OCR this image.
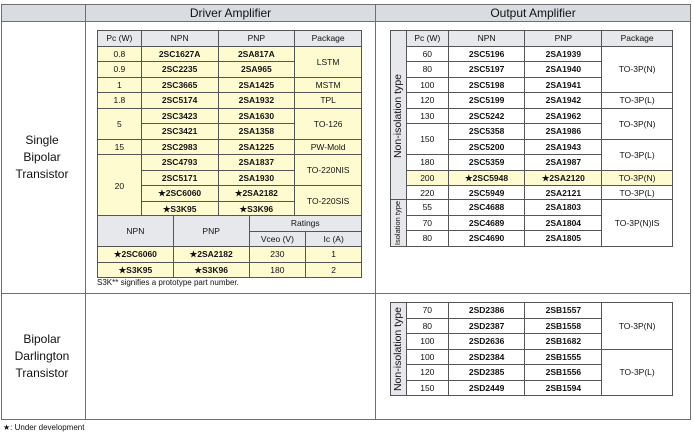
Driver Amplifier	Output Amplifier
Single
Bipolar
Transistor
Bipolar
Darlington
Transistor
Pc (W)	NPN	PNP	Package
0.8	2SC1627A	2SA817A	LSTM
0.9	2SC2235	2SA965	
1	2SC3665	2SA1425	MSTM
1.8	2SC5174	2SA1932	TPL
5	2SC3423	2SA1630	TO-126
	2SC3421	2SA1358	
15	2SC2983	2SA1225	PW-Mold
20	2SC4793	2SA1837	TO-220NIS
	2SC5171	2SA1930	
	★2SC6060	★2SA2182	TO-220SIS
	★S3K95	★S3K96	
NPN	PNP	Ratings	
		Vceo (V)	Ic (A)
★2SC6060	★2SA2182	230	1
★S3K95	★S3K96	180	2
S3K** signifies a prototype part number.
Non-isolation type	Pc (W)	NPN	PNP	Package
	60	2SC5196	2SA1939	TO-3P(N)
	80	2SC5197	2SA1940	
	100	2SC5198	2SA1941	
	120	2SC5199	2SA1942	TO-3P(L)
	130	2SC5242	2SA1962	TO-3P(N)
	150	2SC5358	2SA1986	
		2SC5200	2SA1943	TO-3P(L)
	180	2SC5359	2SA1987	
	200	★2SC5948	★2SA2120	TO-3P(N)
	220	2SC5949	2SA2121	TO-3P(L)
Isolation type	55	2SC4688	2SA1803	TO-3P(N)IS
	70	2SC4689	2SA1804	
	80	2SC4690	2SA1805	
Non-isolation type	70	2SD2386	2SB1557	TO-3P(N)
	80	2SD2387	2SB1558	
	100	2SD2636	2SB1682	
	100	2SD2384	2SB1555	TO-3P(L)
	120	2SD2385	2SB1556	
	150	2SD2449	2SB1594	
★: Under development
